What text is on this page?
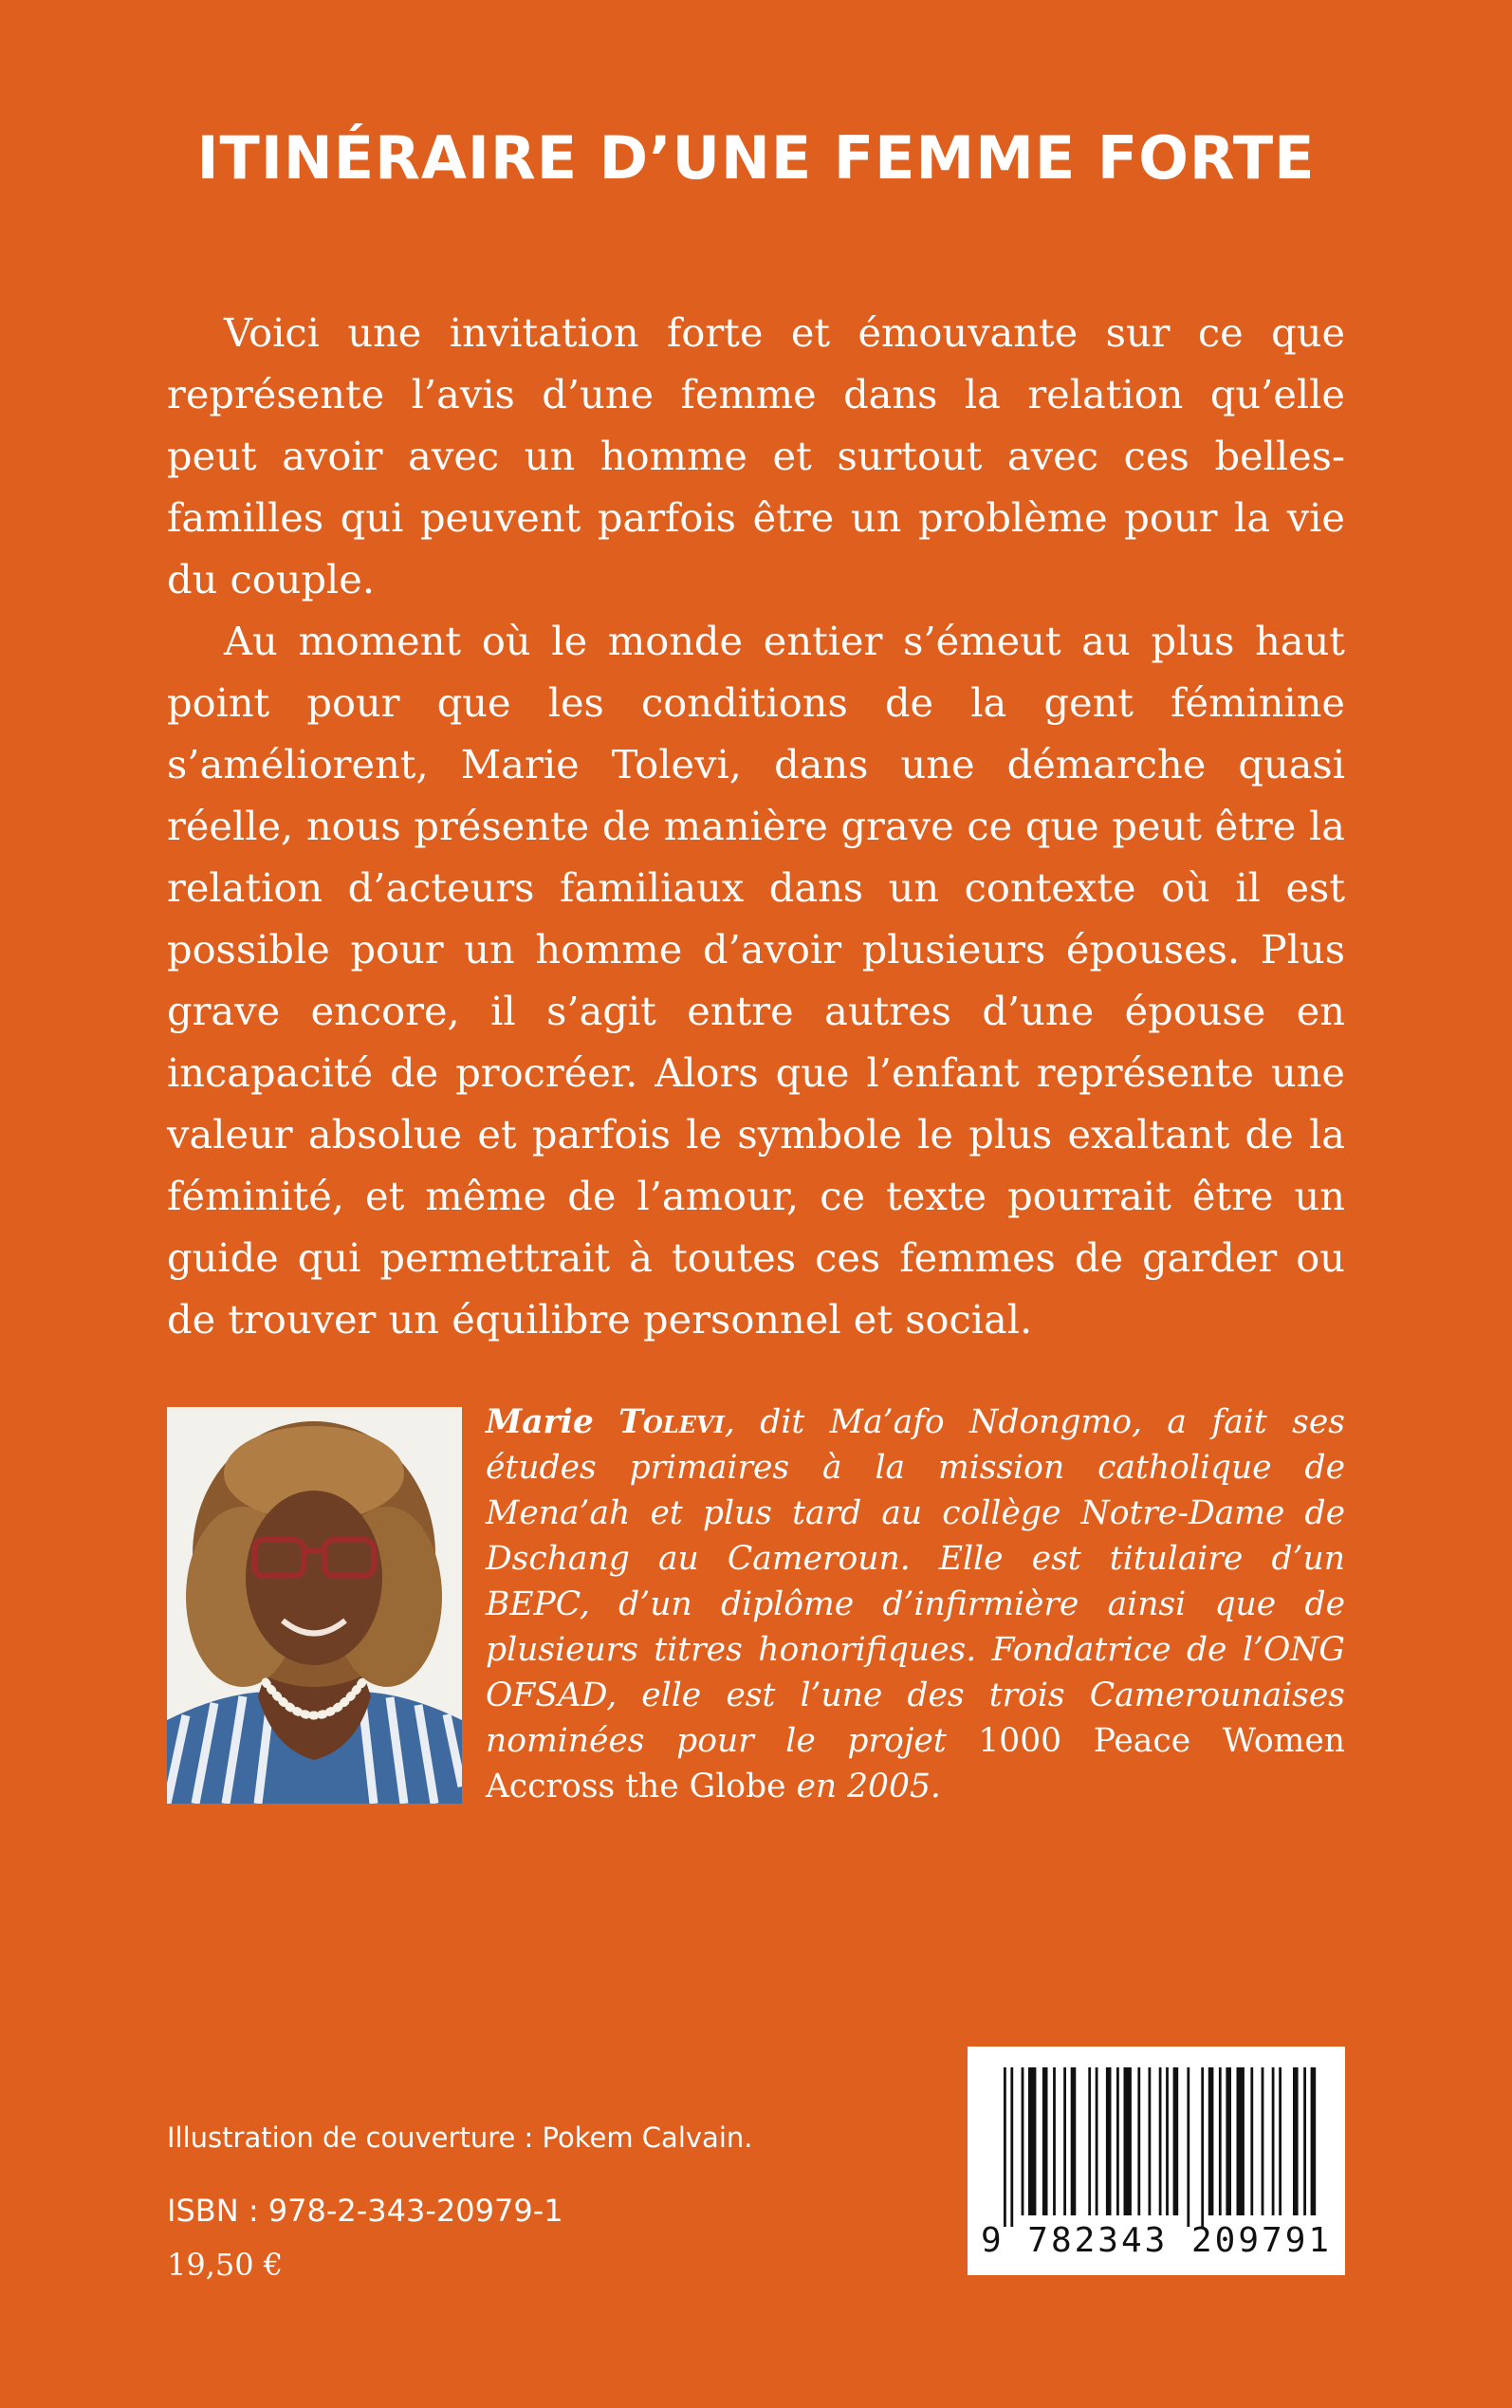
ITINÉRAIRE D’UNE FEMME FORTE

Voici une invitation forte et émouvante sur ce que représente l’avis d’une femme dans la relation qu’elle peut avoir avec un homme et surtout avec ces belles-familles qui peuvent parfois être un problème pour la vie du couple.

Au moment où le monde entier s’émeut au plus haut point pour que les conditions de la gent féminine s’améliorent, Marie Tolevi, dans une démarche quasi réelle, nous présente de manière grave ce que peut être la relation d’acteurs familiaux dans un contexte où il est possible pour un homme d’avoir plusieurs épouses. Plus grave encore, il s’agit entre autres d’une épouse en incapacité de procréer. Alors que l’enfant représente une valeur absolue et parfois le symbole le plus exaltant de la féminité, et même de l’amour, ce texte pourrait être un guide qui permettrait à toutes ces femmes de garder ou de trouver un équilibre personnel et social.

Marie Tolevi, dit Ma’afo Ndongmo, a fait ses études primaires à la mission catholique de Mena’ah et plus tard au collège Notre-Dame de Dschang au Cameroun. Elle est titulaire d’un BEPC, d’un diplôme d’infirmière ainsi que de plusieurs titres honorifiques. Fondatrice de l’ONG OFSAD, elle est l’une des trois Camerounaises nominées pour le projet 1000 Peace Women Accross the Globe en 2005.
Illustration de couverture : Pokem Calvain.
ISBN : 978-2-343-20979-1
19,50 €
9 782343 209791
